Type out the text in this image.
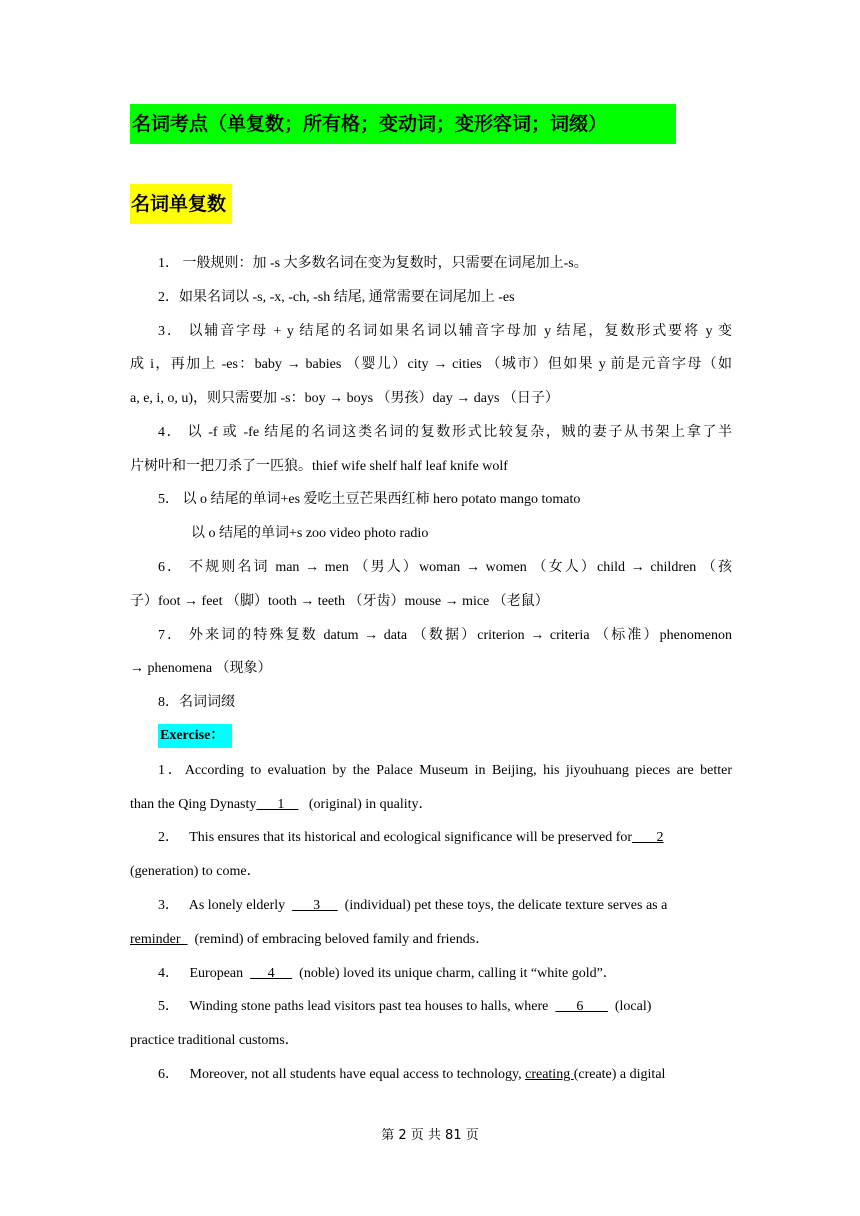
名词考点（单复数；所有格；变动词；变形容词；词缀）
名词单复数
1． 一般规则：加 -s 大多数名词在变为复数时，只需要在词尾加上-s。
2．如果名词以 -s, -x, -ch, -sh 结尾, 通常需要在词尾加上 -es
3． 以辅音字母 + y 结尾的名词如果名词以辅音字母加 y 结尾，复数形式要将 y 变
成 i，再加上 -es：baby → babies （婴儿）city → cities （城市）但如果 y 前是元音字母（如
a, e, i, o, u)，则只需要加 -s：boy → boys （男孩）day → days （日子）
4． 以 -f 或 -fe 结尾的名词这类名词的复数形式比较复杂，贼的妻子从书架上拿了半
片树叶和一把刀杀了一匹狼。thief wife shelf half leaf knife wolf
5． 以 o 结尾的单词+es 爱吃土豆芒果西红柿 hero potato mango tomato
以 o 结尾的单词+s zoo video photo radio
6． 不规则名词 man → men （男人）woman → women （女人）child → children （孩
子）foot → feet （脚）tooth → teeth （牙齿）mouse → mice （老鼠）
7． 外来词的特殊复数 datum → data （数据）criterion → criteria （标准）phenomenon
→ phenomena （现象）
8．名词词缀
Exercise：
1．According to evaluation by the Palace Museum in Beijing, his jiyouhuang pieces are better
than the Qing Dynasty      1       (original) in quality．
2．   This ensures that its historical and ecological significance will be preserved for       2
(generation) to come．
3．   As lonely elderly        3       (individual) pet these toys, the delicate texture serves as a
reminder    (remind) of embracing beloved family and friends．
4．   European       4       (noble) loved its unique charm, calling it “white gold”．
5．   Winding stone paths lead visitors past tea houses to halls, where        6         (local)
practice traditional customs．
6．   Moreover, not all students have equal access to technology, creating (create) a digital
第 2 页 共 81 页
